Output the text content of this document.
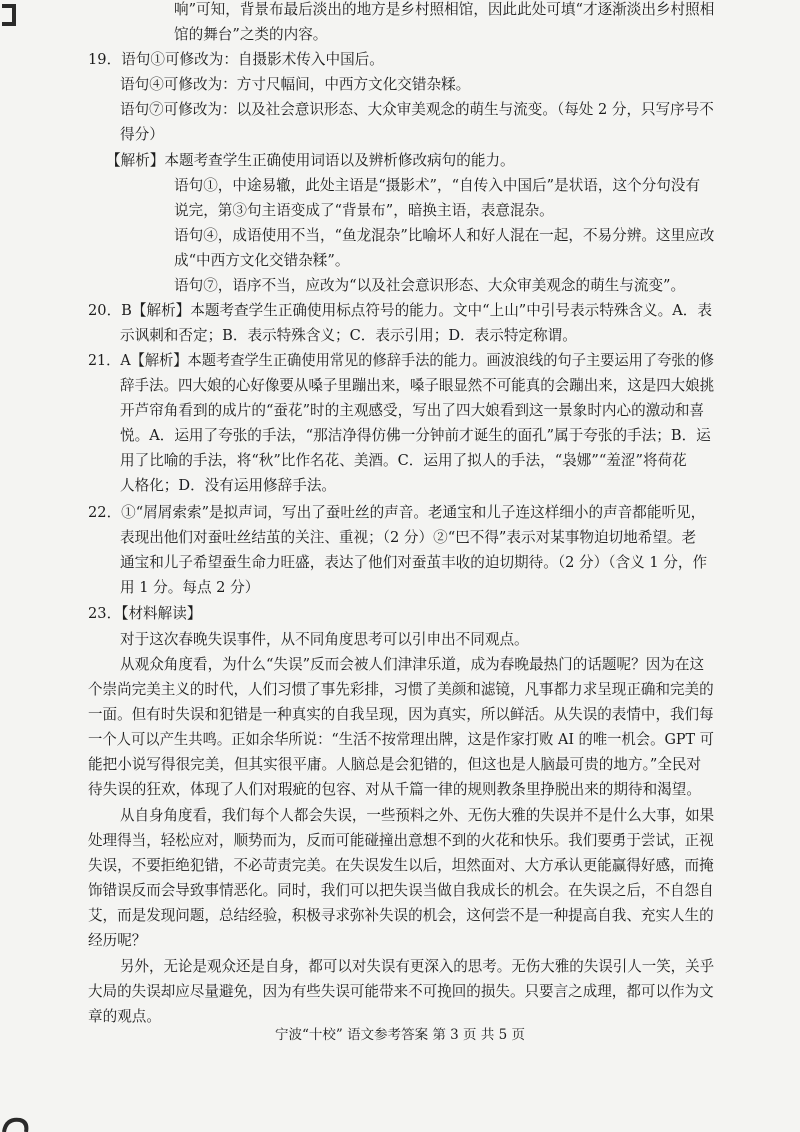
响”可知，背景布最后淡出的地方是乡村照相馆，因此此处可填“才逐渐淡出乡村照相
馆的舞台”之类的内容。
19．语句①可修改为：自摄影术传入中国后。
语句④可修改为：方寸尺幅间，中西方文化交错杂糅。
语句⑦可修改为：以及社会意识形态、大众审美观念的萌生与流变。（每处 2 分，只写序号不
得分）
【解析】本题考查学生正确使用词语以及辨析修改病句的能力。
语句①，中途易辙，此处主语是“摄影术”，“自传入中国后”是状语，这个分句没有
说完，第③句主语变成了“背景布”，暗换主语，表意混杂。
语句④，成语使用不当，“鱼龙混杂”比喻坏人和好人混在一起，不易分辨。这里应改
成“中西方文化交错杂糅”。
语句⑦，语序不当，应改为“以及社会意识形态、大众审美观念的萌生与流变”。
20．B【解析】本题考查学生正确使用标点符号的能力。文中“上山”中引号表示特殊含义。A．表
示讽刺和否定；B．表示特殊含义；C．表示引用；D．表示特定称谓。
21．A【解析】本题考查学生正确使用常见的修辞手法的能力。画波浪线的句子主要运用了夸张的修
辞手法。四大娘的心好像要从嗓子里蹦出来，嗓子眼显然不可能真的会蹦出来，这是四大娘挑
开芦帘角看到的成片的“蚕花”时的主观感受，写出了四大娘看到这一景象时内心的激动和喜
悦。A．运用了夸张的手法，“那洁净得仿佛一分钟前才诞生的面孔”属于夸张的手法；B．运
用了比喻的手法，将“秋”比作名花、美酒。C．运用了拟人的手法，“袅娜”“羞涩”将荷花
人格化；D．没有运用修辞手法。
22．①“屑屑索索”是拟声词，写出了蚕吐丝的声音。老通宝和儿子连这样细小的声音都能听见，
表现出他们对蚕吐丝结茧的关注、重视；（2 分）②“巴不得”表示对某事物迫切地希望。老
通宝和儿子希望蚕生命力旺盛，表达了他们对蚕茧丰收的迫切期待。（2 分）（含义 1 分，作
用 1 分。每点 2 分）
23．【材料解读】
对于这次春晚失误事件，从不同角度思考可以引申出不同观点。
从观众角度看，为什么“失误”反而会被人们津津乐道，成为春晚最热门的话题呢？因为在这
个崇尚完美主义的时代，人们习惯了事先彩排，习惯了美颜和滤镜，凡事都力求呈现正确和完美的
一面。但有时失误和犯错是一种真实的自我呈现，因为真实，所以鲜活。从失误的表情中，我们每
一个人可以产生共鸣。正如余华所说：“生活不按常理出牌，这是作家打败 AI 的唯一机会。GPT 可
能把小说写得很完美，但其实很平庸。人脑总是会犯错的，但这也是人脑最可贵的地方。”全民对
待失误的狂欢，体现了人们对瑕疵的包容、对从千篇一律的规则教条里挣脱出来的期待和渴望。
从自身角度看，我们每个人都会失误，一些预料之外、无伤大雅的失误并不是什么大事，如果
处理得当，轻松应对，顺势而为，反而可能碰撞出意想不到的火花和快乐。我们要勇于尝试，正视
失误，不要拒绝犯错，不必苛责完美。在失误发生以后，坦然面对、大方承认更能赢得好感，而掩
饰错误反而会导致事情恶化。同时，我们可以把失误当做自我成长的机会。在失误之后，不自怨自
艾，而是发现问题，总结经验，积极寻求弥补失误的机会，这何尝不是一种提高自我、充实人生的
经历呢？
另外，无论是观众还是自身，都可以对失误有更深入的思考。无伤大雅的失误引人一笑，关乎
大局的失误却应尽量避免，因为有些失误可能带来不可挽回的损失。只要言之成理，都可以作为文
章的观点。
宁波“十校” 语文参考答案 第 3 页 共 5 页
